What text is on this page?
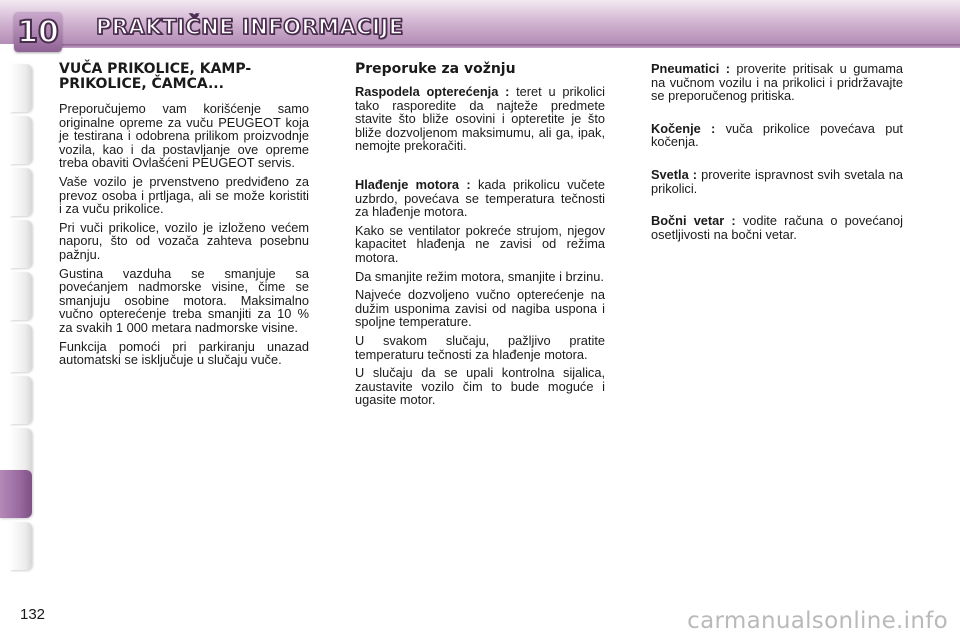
10 PRAKTIČNE INFORMACIJE
VUČA PRIKOLICE, KAMP-PRIKOLICE, ČAMCA...

Preporučujemo vam korišćenje samo originalne opreme za vuču PEUGEOT koja je testirana i odobrena prilikom proizvodnje vozila, kao i da postavljanje ove opreme treba obaviti Ovlašćeni PEUGEOT servis.

Vaše vozilo je prvenstveno predviđeno za prevoz osoba i prtljaga, ali se može koristiti i za vuču prikolice.

Pri vuči prikolice, vozilo je izloženo većem naporu, što od vozača zahteva posebnu pažnju.

Gustina vazduha se smanjuje sa povećanjem nadmorske visine, čime se smanjuju osobine motora. Maksimalno vučno opterećenje treba smanjiti za 10 % za svakih 1 000 metara nadmorske visine.

Funkcija pomoći pri parkiranju unazad automatski se isključuje u slučaju vuče.

Preporuke za vožnju

Raspodela opterećenja : teret u prikolici tako rasporedite da najteže predmete stavite što bliže osovini i opteretite je što bliže dozvoljenom maksimumu, ali ga, ipak, nemojte prekoračiti.

Hlađenje motora : kada prikolicu vučete uzbrdo, povećava se temperatura tečnosti za hlađenje motora.

Kako se ventilator pokreće strujom, njegov kapacitet hlađenja ne zavisi od režima motora.

Da smanjite režim motora, smanjite i brzinu.

Najveće dozvoljeno vučno opterećenje na dužim usponima zavisi od nagiba uspona i spoljne temperature.

U svakom slučaju, pažljivo pratite temperaturu tečnosti za hlađenje motora.

U slučaju da se upali kontrolna sijalica, zaustavite vozilo čim to bude moguće i ugasite motor.

Pneumatici : proverite pritisak u gumama na vučnom vozilu i na prikolici i pridržavajte se preporučenog pritiska.

Kočenje : vuča prikolice povećava put kočenja.

Svetla : proverite ispravnost svih svetala na prikolici.

Bočni vetar : vodite računa o povećanoj osetljivosti na bočni vetar.

132	carmanualsonline.info
